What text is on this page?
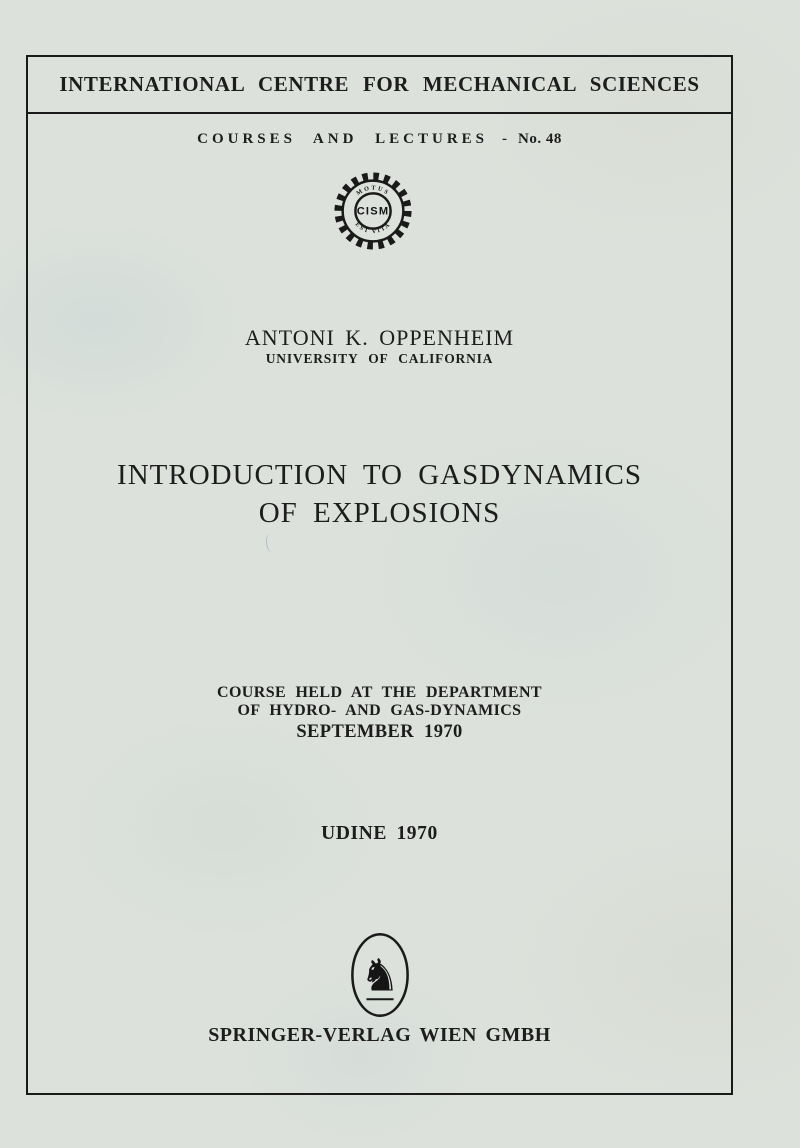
INTERNATIONAL CENTRE FOR MECHANICAL SCIENCES
COURSES AND LECTURES - No. 48
MOTUS
EST VITA
CISM
ANTONI K. OPPENHEIM
UNIVERSITY OF CALIFORNIA
INTRODUCTION TO GASDYNAMICS
OF EXPLOSIONS
COURSE HELD AT THE DEPARTMENT
OF HYDRO- AND GAS-DYNAMICS
SEPTEMBER 1970
UDINE 1970
♞
SPRINGER-VERLAG WIEN GMBH
